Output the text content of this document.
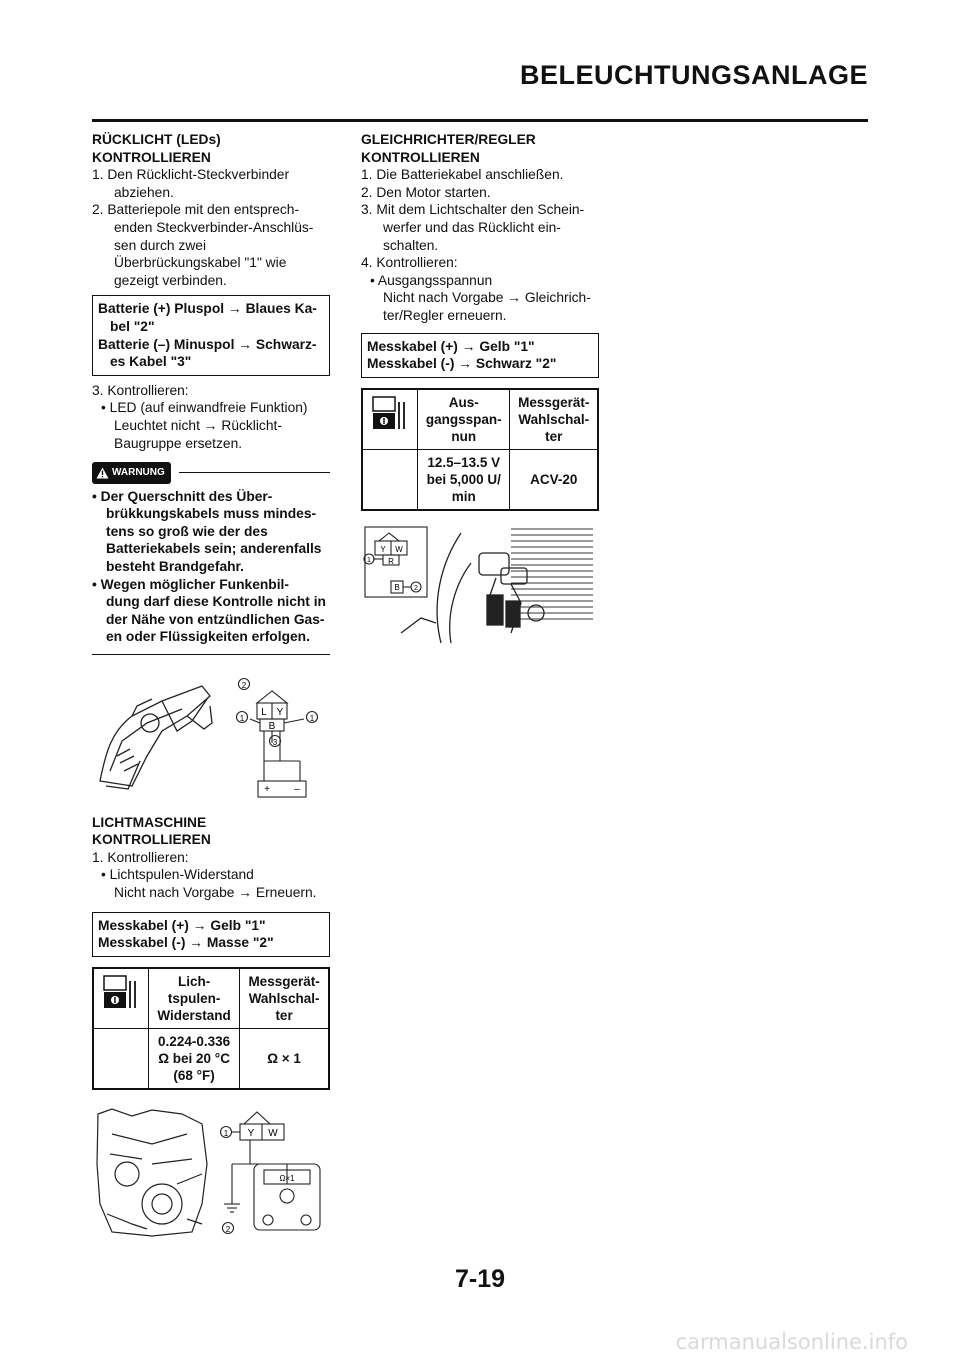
BELEUCHTUNGSANLAGE

RÜCKLICHT (LEDs)

KONTROLLIEREN

1. Den Rücklicht-Steckverbinder

abziehen.

2. Batteriepole mit den entsprech-

enden Steckverbinder-Anschlüs-

sen durch zwei

Überbrückungskabel "1" wie

gezeigt verbinden.

Batterie (+) Pluspol → Blaues Ka-

bel "2"

Batterie (–) Minuspol → Schwarz-

es Kabel "3"

3. Kontrollieren:

• LED (auf einwandfreie Funktion)

Leuchtet nicht → Rücklicht-

Baugruppe ersetzen.

WARNUNG

• Der Querschnitt des Über-

brükkungskabels muss mindes-

tens so groß wie der des

Batteriekabels sein; anderenfalls

besteht Brandgefahr.

• Wegen möglicher Funkenbil-

dung darf diese Kontrolle nicht in

der Nähe von entzündlichen Gas-

en oder Flüssigkeiten erfolgen.

1	1
2
3
L Y
B
+ –

LICHTMASCHINE

KONTROLLIEREN

1. Kontrollieren:

• Lichtspulen-Widerstand

Nicht nach Vorgabe → Erneuern.

Messkabel (+) → Gelb "1"

Messkabel (-) → Masse "2"

	Lich-
tspulen-
Widerstand	Messgerät-
Wahlschal-
ter
	0.224-0.336
Ω bei 20 °C
(68 °F)	Ω × 1
1
2
Y W
Ω×1

GLEICHRICHTER/REGLER

KONTROLLIEREN

1. Die Batteriekabel anschließen.

2. Den Motor starten.

3. Mit dem Lichtschalter den Schein-

werfer und das Rücklicht ein-

schalten.

4. Kontrollieren:

• Ausgangsspannun

Nicht nach Vorgabe → Gleichrich-

ter/Regler erneuern.

Messkabel (+) → Gelb "1"

Messkabel (-) → Schwarz "2"

	Aus-
gangsspan-
nun	Messgerät-
Wahlschal-
ter
	12.5–13.5 V
bei 5,000 U/
min	ACV-20
1
2
Y W
R
B
7-19
carmanualsonline.info
